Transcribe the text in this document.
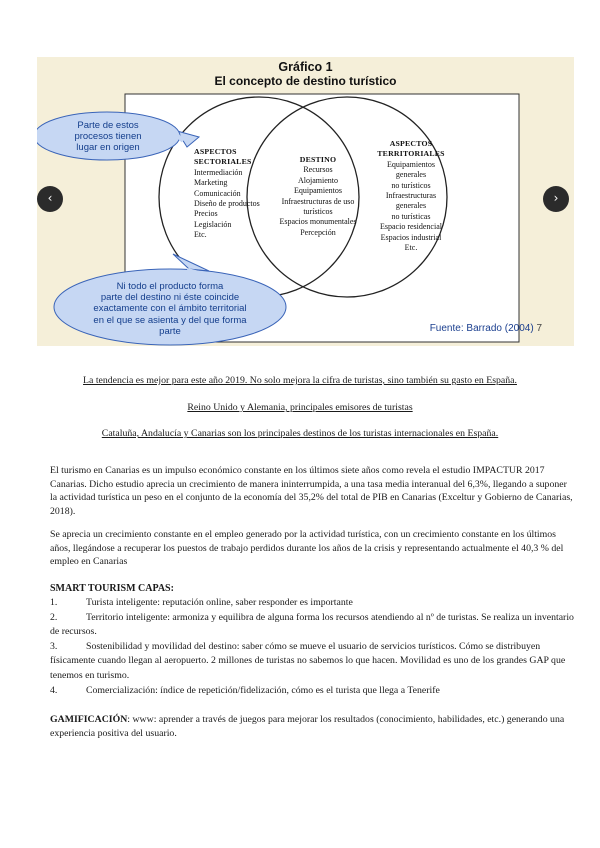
Gráfico 1
El concepto de destino turístico
Parte de estos
procesos tienen
lugar en origen
Ni todo el producto forma
parte del destino ni éste coincide
exactamente con el ámbito territorial
en el que se asienta y del que forma
parte
ASPECTOS
SECTORIALES
Intermediación
Marketing
Comunicación
Diseño de productos
Precios
Legislación
Etc.
DESTINO
Recursos
Alojamiento
Equipamientos
Infraestructuras de uso
turísticos
Espacios monumentales
Percepción
ASPECTOS
TERRITORIALES
Equipamientos
generales
no turísticos
Infraestructuras
generales
no turísticas
Espacio residencial
Espacios industrial
Etc.
Fuente: Barrado (2004) 7
‹	›
La tendencia es mejor para este año 2019. No solo mejora la cifra de turistas, sino también su gasto en España.
Reino Unido y Alemania, principales emisores de turistas
Cataluña, Andalucía y Canarias son los principales destinos de los turistas internacionales en España.
El turismo en Canarias es un impulso económico constante en los últimos siete años como revela el estudio IMPACTUR 2017 Canarias. Dicho estudio aprecia un crecimiento de manera ininterrumpida, a una tasa media interanual del 6,3%, llegando a suponer la actividad turística un peso en el conjunto de la economía del 35,2% del total de PIB en Canarias (Exceltur y Gobierno de Canarias, 2018).
Se aprecia un crecimiento constante en el empleo generado por la actividad turística, con un crecimiento constante en los últimos años, llegándose a recuperar los puestos de trabajo perdidos durante los años de la crisis y representando actualmente el 40,3 % del empleo en Canarias
SMART TOURISM CAPAS:
1.	Turista inteligente: reputación online, saber responder es importante
2.	Territorio inteligente: armoniza y equilibra de alguna forma los recursos atendiendo al nº de turistas. Se realiza un inventario de recursos.
3.	Sostenibilidad y movilidad del destino: saber cómo se mueve el usuario de servicios turísticos. Cómo se distribuyen físicamente cuando llegan al aeropuerto. 2 millones de turistas no sabemos lo que hacen. Movilidad es uno de los grandes GAP que tenemos en turismo.
4.	Comercialización: índice de repetición/fidelización, cómo es el turista que llega a Tenerife
GAMIFICACIÓN: www: aprender a través de juegos para mejorar los resultados (conocimiento, habilidades, etc.) generando una experiencia positiva del usuario.
